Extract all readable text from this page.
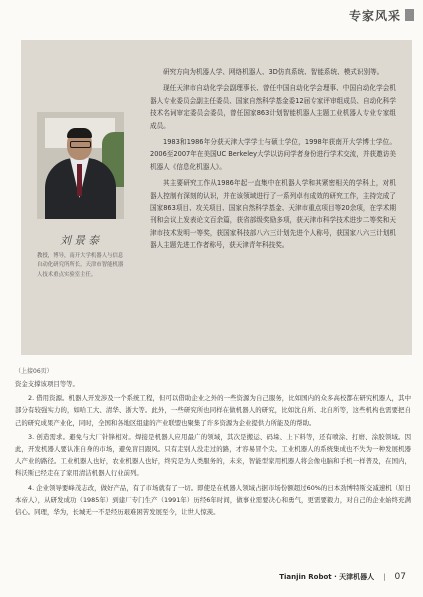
专家风采
刘景泰
教授，博导，南开大学机器人与信息自动化研究所所长，天津市智能机器人技术重点实验室主任。

研究方向为机器人学、网络机器人、3D仿真系统、智能系统、模式识别等。

现任天津市自动化学会副理事长、曾任中国自动化学会理事、中国自动化学会机器人专业委员会副主任委员、国家自然科学基金委12届专家评审组成员、自动化科学技术名词审定委员会委员，曾任国家863计划智能机器人主题工业机器人专业专家组成员。

1983和1986年分获天津大学学士与硕士学位，1998年获南开大学博士学位。2006至2007年在美国UC Berkeley大学以访问学者身份进行学术交流，并获邀访美机器人《信息化机器人》。

其主要研究工作从1986年起一直集中在机器人学和其紧密相关的学科上，对机器人控制有深刻的认识，并在该领域进行了一系列卓有成效的研究工作，主持完成了国家863项目、攻关项目、国家自然科学基金、天津市重点项目等20余项，在学术期刊和会议上发表论文百余篇，获省部级奖励多项，获天津市科学技术进步二等奖和天津市技术发明一等奖，获国家科技部八六三计划先进个人称号，获国家八六三计划机器人主题先进工作者称号，获天津青年科技奖。

（上接06页）

资金支撑该项目等等。

2. 借用资源。机器人开发涉及一个系统工程，但可以借助企业之外的一些资源为自己服务，比如国内的众多高校都在研究机器人，其中部分有较强实力的，如哈工大、清华、浙大等。此外，一些研究所也同样在做机器人的研究，比如沈自所、北自所等，这些机构也需要把自己的研究成果产业化，同时，全国和各地区组建的产业联盟也聚集了许多资源为企业提供力所能及的帮助。

3. 创造需求。避免与大厂针锋相对。焊接是机器人应用最广的领域，其次是搬运、码垛、上下料等，还有喷涂、打磨、涂胶领域。因此，开发机器人要认准自身的市场，避免盲目跟风。只有走别人没走过的路，才容易冒个尖。工业机器人的系统集成也不失为一种发展机器人产业的路径。工业机器人也好，农业机器人也好，终究是为人类服务的，未来，智能型家用机器人将会像电脑和手机一样普及，在国内，科沃斯已经走在了家用清洁机器人行业前列。

4. 企业领导要峰茂志改，做好产品，有了市场就有了一切。即使是在机器人领域占据市场份额超过60%的日本劲博特斯交减速机（原日本帝人），从研发成功（1985年）到建厂专门生产（1991年）历经6年时间，做事业需要决心和勇气，更需要毅力，对自己的企业始终充满信心。同理，华为，长城无一不是经历艰难困苦发展至今，让世人惊羡。

Tianjin Robot · 天津机器人 | 07
